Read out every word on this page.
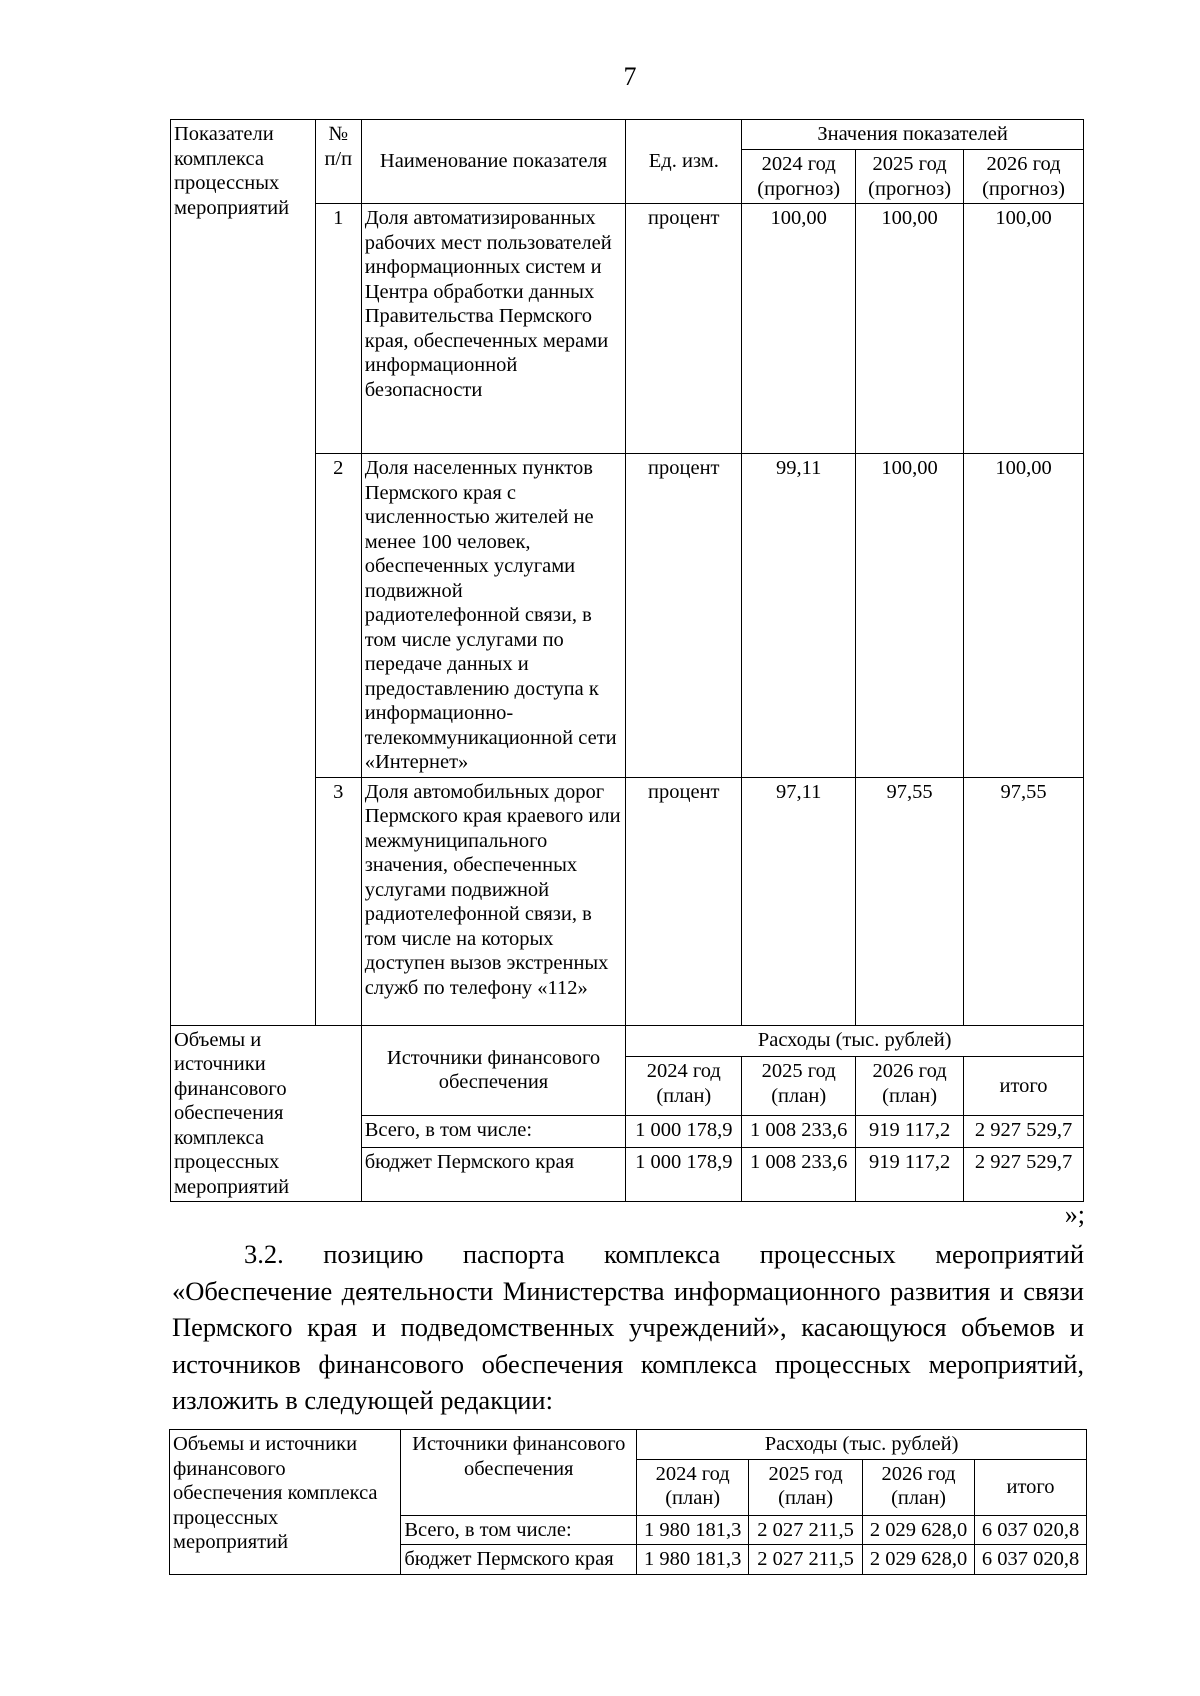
7
Показатели комплекса процессных мероприятий	№ п/п	Наименование показателя	Ед. изм.	Значения показателей		
				2024 год (прогноз)	2025 год (прогноз)	2026 год (прогноз)
	1	Доля автоматизированных рабочих мест пользователей информационных систем и Центра обработки данных Правительства Пермского края, обеспеченных мерами информационной безопасности	процент	100,00	100,00	100,00
	2	Доля населенных пунктов Пермского края с численностью жителей не менее 100 человек, обеспеченных услугами подвижной радиотелефонной связи, в том числе услугами по передаче данных и предоставлению доступа к информационно-телекоммуникационной сети «Интернет»	процент	99,11	100,00	100,00
	3	Доля автомобильных дорог Пермского края краевого или межмуниципального значения, обеспеченных услугами подвижной радиотелефонной связи, в том числе на которых доступен вызов экстренных служб по телефону «112»	процент	97,11	97,55	97,55
Объемы и источники финансового обеспечения комплекса процессных мероприятий		Источники финансового обеспечения	Расходы (тыс. рублей)			
			2024 год (план)	2025 год (план)	2026 год (план)	итого
		Всего, в том числе:	1 000 178,9	1 008 233,6	919 117,2	2 927 529,7
		бюджет Пермского края	1 000 178,9	1 008 233,6	919 117,2	2 927 529,7
»;

3.2. позицию паспорта комплекса процессных мероприятий «Обеспечение деятельности Министерства информационного развития и связи Пермского края и подведомственных учреждений», касающуюся объемов и источников финансового обеспечения комплекса процессных мероприятий, изложить в следующей редакции:

Объемы и источники финансового обеспечения комплекса процессных мероприятий	Источники финансового обеспечения	Расходы (тыс. рублей)			
		2024 год (план)	2025 год (план)	2026 год (план)	итого
	Всего, в том числе:	1 980 181,3	2 027 211,5	2 029 628,0	6 037 020,8
	бюджет Пермского края	1 980 181,3	2 027 211,5	2 029 628,0	6 037 020,8
